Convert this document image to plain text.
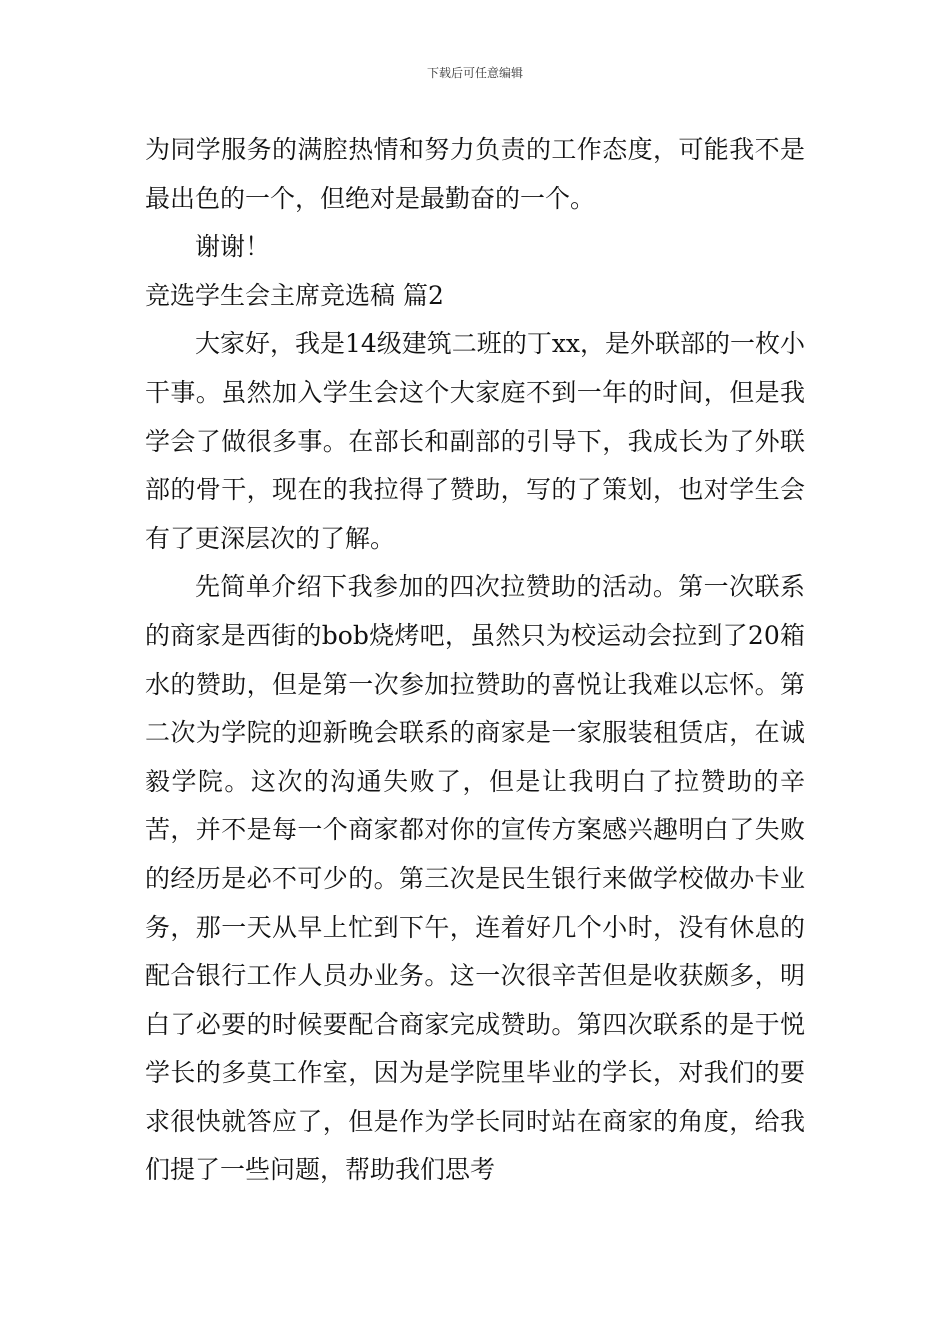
下载后可任意编辑

为同学服务的满腔热情和努力负责的工作态度，可能我不是最出色的一个，但绝对是最勤奋的一个。

谢谢！

竞选学生会主席竞选稿 篇2

大家好，我是14级建筑二班的丁xx，是外联部的一枚小干事。虽然加入学生会这个大家庭不到一年的时间，但是我学会了做很多事。在部长和副部的引导下，我成长为了外联部的骨干，现在的我拉得了赞助，写的了策划，也对学生会有了更深层次的了解。

先简单介绍下我参加的四次拉赞助的活动。第一次联系的商家是西街的bob烧烤吧，虽然只为校运动会拉到了20箱水的赞助，但是第一次参加拉赞助的喜悦让我难以忘怀。第二次为学院的迎新晚会联系的商家是一家服装租赁店，在诚毅学院。这次的沟通失败了，但是让我明白了拉赞助的辛苦，并不是每一个商家都对你的宣传方案感兴趣明白了失败的经历是必不可少的。第三次是民生银行来做学校做办卡业务，那一天从早上忙到下午，连着好几个小时，没有休息的配合银行工作人员办业务。这一次很辛苦但是收获颇多，明白了必要的时候要配合商家完成赞助。第四次联系的是于悦学长的多莫工作室，因为是学院里毕业的学长，对我们的要求很快就答应了，但是作为学长同时站在商家的角度，给我们提了一些问题，帮助我们思考
